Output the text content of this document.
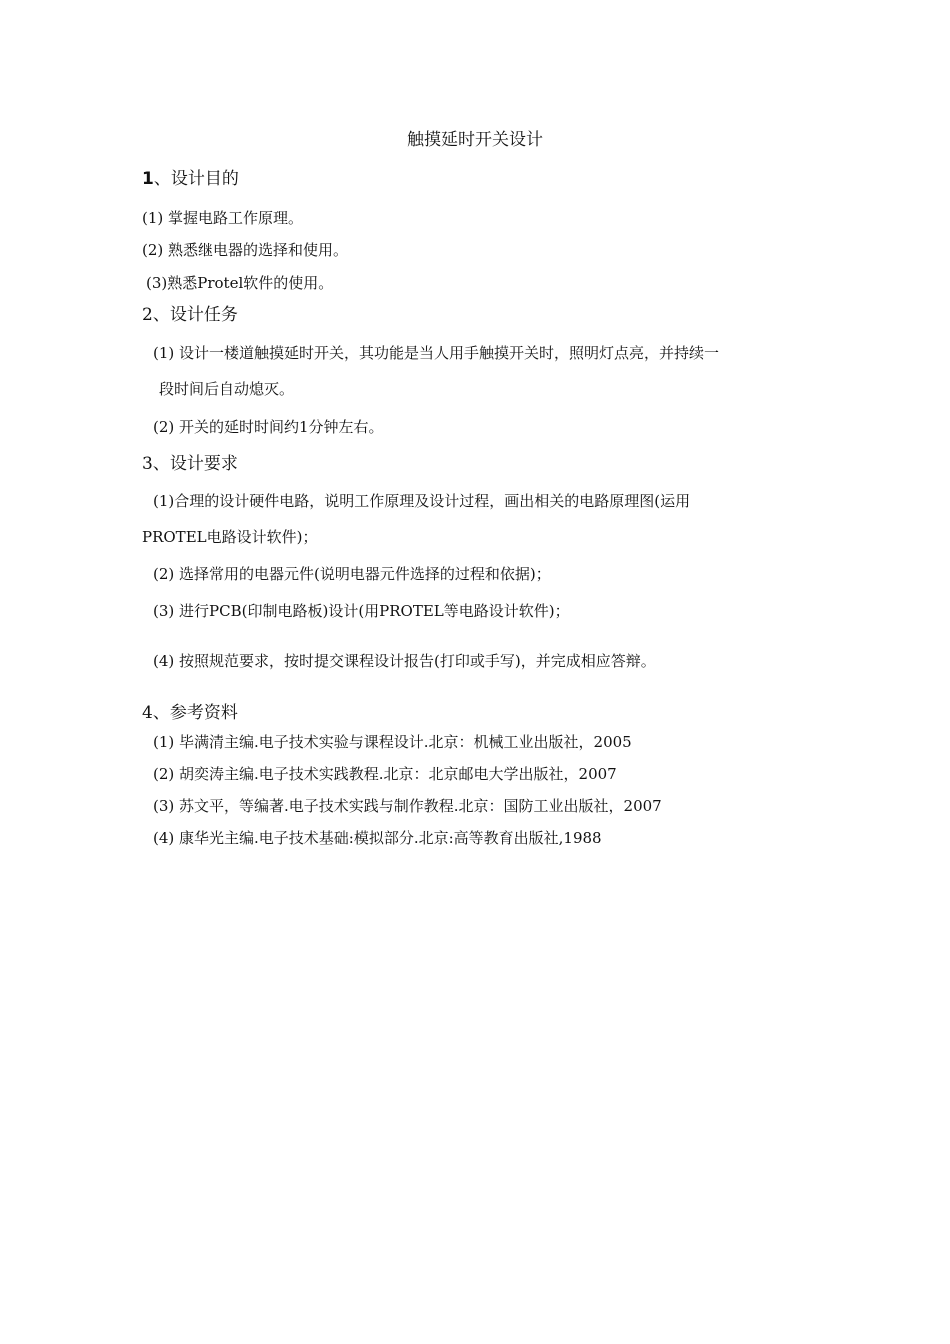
触摸延时开关设计
1、设计目的
(1) 掌握电路工作原理。
(2) 熟悉继电器的选择和使用。
(3)熟悉Protel软件的使用。
2、设计任务
(1) 设计一楼道触摸延时开关，其功能是当人用手触摸开关时，照明灯点亮，并持续一
段时间后自动熄灭。
(2) 开关的延时时间约1分钟左右。
3、设计要求
(1)合理的设计硬件电路，说明工作原理及设计过程，画出相关的电路原理图(运用
PROTEL电路设计软件)；
(2) 选择常用的电器元件(说明电器元件选择的过程和依据)；
(3) 进行PCB(印制电路板)设计(用PROTEL等电路设计软件)；
(4) 按照规范要求，按时提交课程设计报告(打印或手写)，并完成相应答辩。
4、参考资料
(1) 毕满清主编.电子技术实验与课程设计.北京：机械工业出版社，2005
(2) 胡奕涛主编.电子技术实践教程.北京：北京邮电大学出版社，2007
(3) 苏文平，等编著.电子技术实践与制作教程.北京：国防工业出版社，2007
(4) 康华光主编.电子技术基础:模拟部分.北京:高等教育出版社,1988
